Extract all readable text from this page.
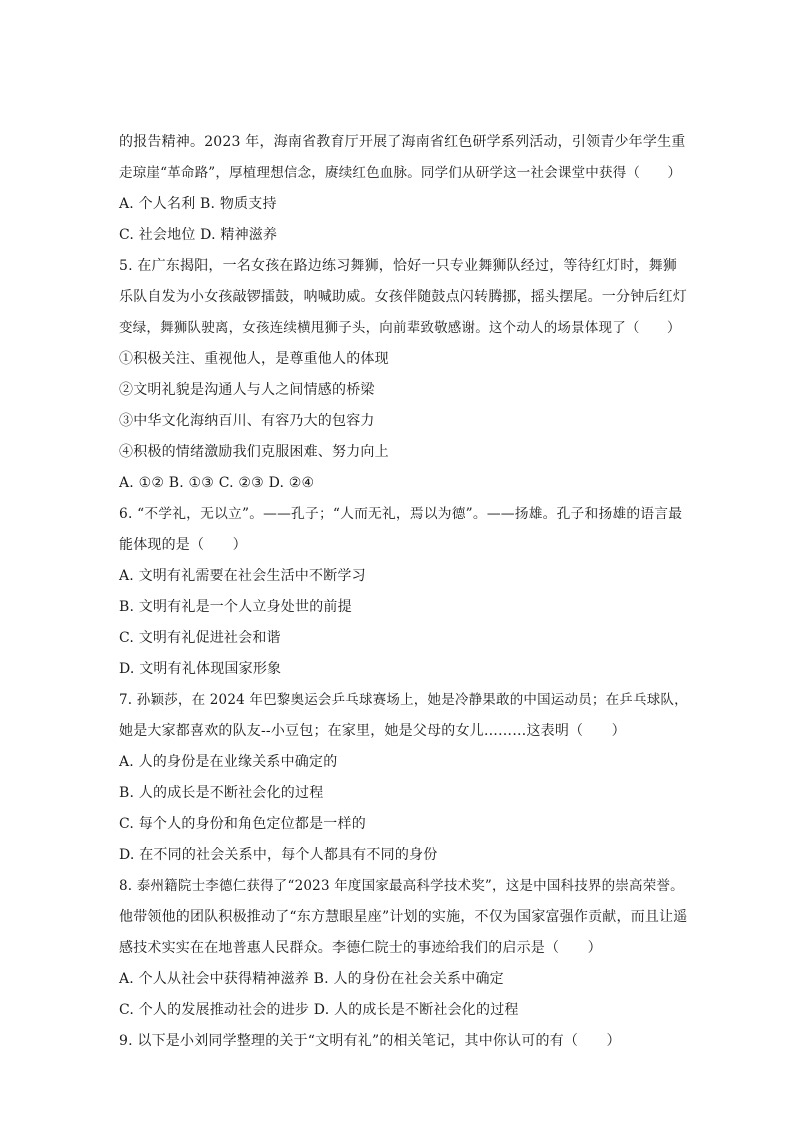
的报告精神。2023 年，海南省教育厅开展了海南省红色研学系列活动，引领青少年学生重
走琼崖“革命路”，厚植理想信念，赓续红色血脉。同学们从研学这一社会课堂中获得（　　）
A. 个人名利 B. 物质支持
C. 社会地位 D. 精神滋养
5. 在广东揭阳，一名女孩在路边练习舞狮，恰好一只专业舞狮队经过，等待红灯时，舞狮
乐队自发为小女孩敲锣擂鼓，呐喊助威。女孩伴随鼓点闪转腾挪，摇头摆尾。一分钟后红灯
变绿，舞狮队驶离，女孩连续横甩狮子头，向前辈致敬感谢。这个动人的场景体现了（　　）
①积极关注、重视他人，是尊重他人的体现
②文明礼貌是沟通人与人之间情感的桥梁
③中华文化海纳百川、有容乃大的包容力
④积极的情绪激励我们克服困难、努力向上
A. ①② B. ①③ C. ②③ D. ②④
6. “不学礼，无以立”。——孔子；“人而无礼，焉以为德”。——扬雄。孔子和扬雄的语言最
能体现的是（　　）
A. 文明有礼需要在社会生活中不断学习
B. 文明有礼是一个人立身处世的前提
C. 文明有礼促进社会和谐
D. 文明有礼体现国家形象
7. 孙颖莎，在 2024 年巴黎奥运会乒乓球赛场上，她是冷静果敢的中国运动员；在乒乓球队，
她是大家都喜欢的队友--小豆包；在家里，她是父母的女儿………这表明（　　）
A. 人的身份是在业缘关系中确定的
B. 人的成长是不断社会化的过程
C. 每个人的身份和角色定位都是一样的
D. 在不同的社会关系中，每个人都具有不同的身份
8. 泰州籍院士李德仁获得了“2023 年度国家最高科学技术奖”，这是中国科技界的崇高荣誉。
他带领他的团队积极推动了“东方慧眼星座”计划的实施，不仅为国家富强作贡献，而且让遥
感技术实实在在地普惠人民群众。李德仁院士的事迹给我们的启示是（　　）
A. 个人从社会中获得精神滋养 B. 人的身份在社会关系中确定
C. 个人的发展推动社会的进步 D. 人的成长是不断社会化的过程
9. 以下是小刘同学整理的关于“文明有礼”的相关笔记，其中你认可的有（　　）
